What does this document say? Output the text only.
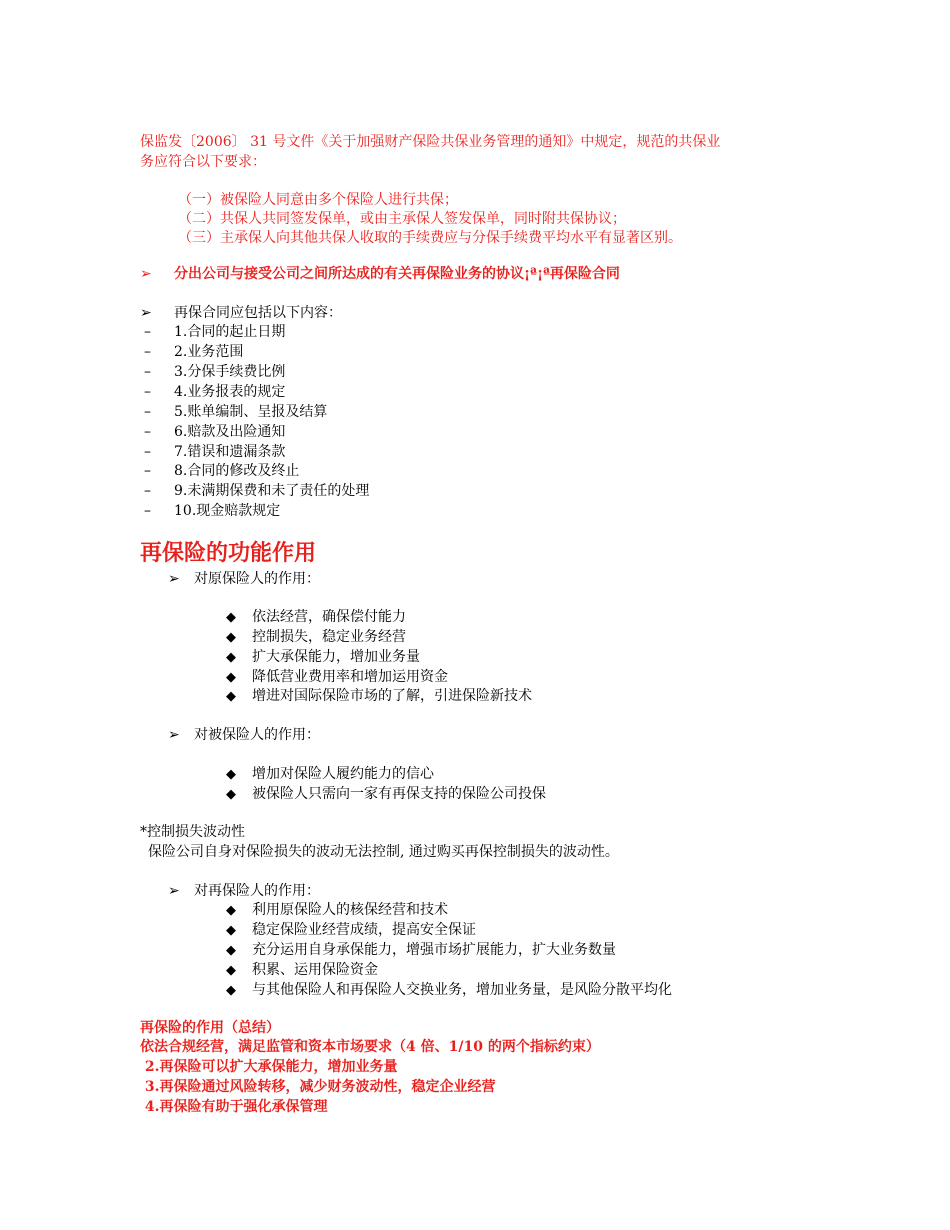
保监发〔2006〕 31 号文件《关于加强财产保险共保业务管理的通知》中规定，规范的共保业
务应符合以下要求：
（一）被保险人同意由多个保险人进行共保；
（二）共保人共同签发保单，或由主承保人签发保单，同时附共保协议；
（三）主承保人向其他共保人收取的手续费应与分保手续费平均水平有显著区别。
➢ 分出公司与接受公司之间所达成的有关再保险业务的协议¡ª¡ª再保险合同
➢ 再保合同应包括以下内容：
– 1.合同的起止日期
– 2.业务范围
– 3.分保手续费比例
– 4.业务报表的规定
– 5.账单编制、呈报及结算
– 6.赔款及出险通知
– 7.错误和遗漏条款
– 8.合同的修改及终止
– 9.未满期保费和未了责任的处理
– 10.现金赔款规定
再保险的功能作用
➢ 对原保险人的作用：
◆ 依法经营，确保偿付能力
◆ 控制损失，稳定业务经营
◆ 扩大承保能力，增加业务量
◆ 降低营业费用率和增加运用资金
◆ 增进对国际保险市场的了解，引进保险新技术
➢ 对被保险人的作用：
◆ 增加对保险人履约能力的信心
◆ 被保险人只需向一家有再保支持的保险公司投保
*控制损失波动性
保险公司自身对保险损失的波动无法控制, 通过购买再保控制损失的波动性。
➢ 对再保险人的作用：
◆ 利用原保险人的核保经营和技术
◆ 稳定保险业经营成绩，提高安全保证
◆ 充分运用自身承保能力，增强市场扩展能力，扩大业务数量
◆ 积累、运用保险资金
◆ 与其他保险人和再保险人交换业务，增加业务量，是风险分散平均化
再保险的作用（总结）
依法合规经营，满足监管和资本市场要求（4 倍、1/10 的两个指标约束）
2.再保险可以扩大承保能力，增加业务量
3.再保险通过风险转移，减少财务波动性，稳定企业经营
4.再保险有助于强化承保管理
